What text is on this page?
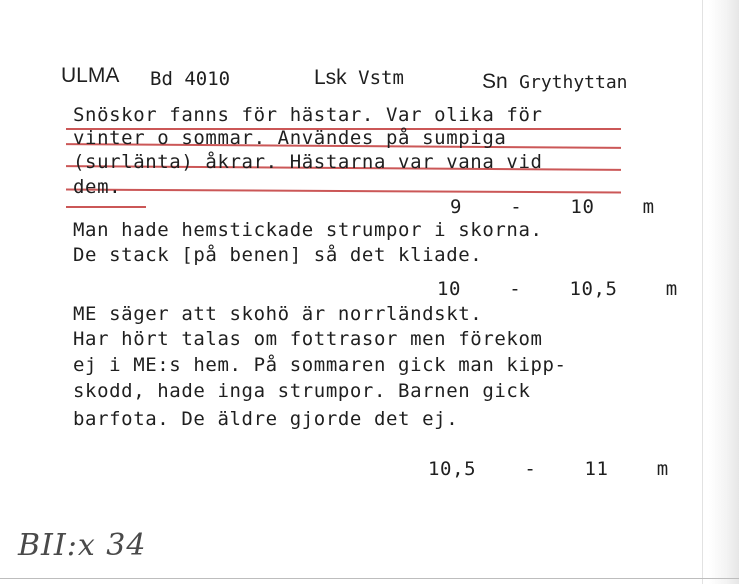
ULMA Bd 4010	Lsk Vstm	Sn Grythyttan
Snöskor fanns för hästar. Var olika för
vinter o sommar. Användes på sumpiga
(surlänta) åkrar. Hästarna var vana vid
dem.
9	-	10	m
Man hade hemstickade strumpor i skorna.
De stack [på benen] så det kliade.
10	-	10,5	m
ME säger att skohö är norrländskt.
Har hört talas om fottrasor men förekom
ej i ME:s hem. På sommaren gick man kipp-
skodd, hade inga strumpor. Barnen gick
barfota. De äldre gjorde det ej.
10,5	-	11	m
BII:x 34
